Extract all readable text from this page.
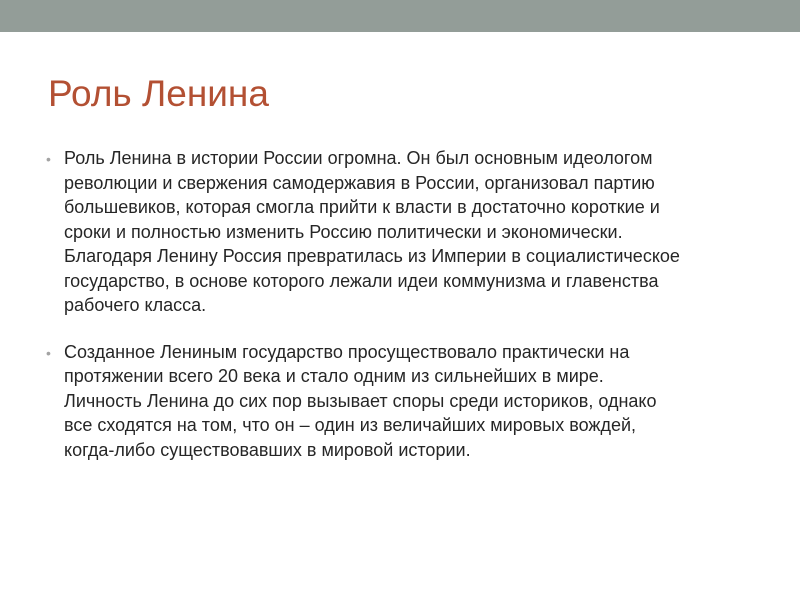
Роль Ленина
• Роль Ленина в истории России огромна. Он был основным идеологом
революции и свержения самодержавия в России, организовал партию
большевиков, которая смогла прийти к власти в достаточно короткие и
сроки и полностью изменить Россию политически и экономически.
Благодаря Ленину Россия превратилась из Империи в социалистическое
государство, в основе которого лежали идеи коммунизма и главенства
рабочего класса.
• Созданное Лениным государство просуществовало практически на
протяжении всего 20 века и стало одним из сильнейших в мире.
Личность Ленина до сих пор вызывает споры среди историков, однако
все сходятся на том, что он – один из величайших мировых вождей,
когда-либо существовавших в мировой истории.
